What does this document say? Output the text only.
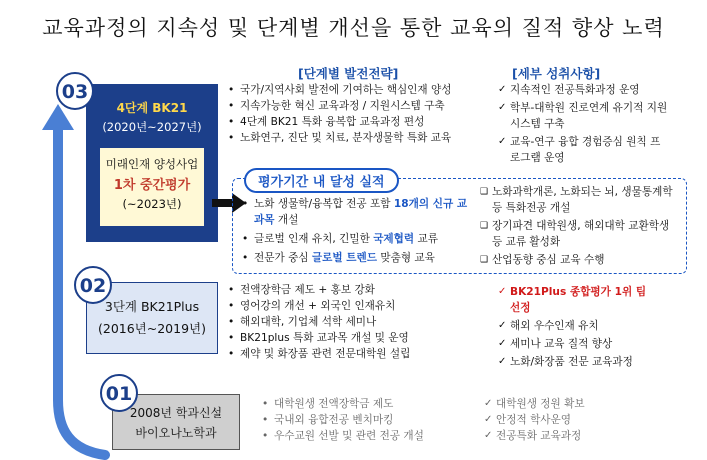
교육과정의 지속성 및 단계별 개선을 통한 교육의 질적 향상 노력
[단계별 발전전략]	[세부 성취사항]
4단계 BK21
(2020년~2027년)
미래인재 양성사업
1차 중간평가
(~2023년)
03	• 국가/지역사회 발전에 기여하는 핵심인재 양성
• 지속가능한 혁신 교육과정 / 지원시스템 구축
• 4단계 BK21 특화 융복합 교육과정 편성
• 노화연구, 진단 및 치료, 분자생물학 특화 교육
✓ 지속적인 전공특화과정 운영
✓ 학부-대학원 진로연계 유기적 지원시스템 구축
✓ 교육-연구 융합 경험증심 원칙 프로그램 운영
평가기간 내 달성 실적
• 노화 생물학/융복합 전공 포함 18개의 신규 교과목 개설
• 글로벌 인재 유치, 긴밀한 국제협력 교류
• 전문가 중심 글로벌 트렌드 맞춤형 교육
❑ 노화과학개론, 노화되는 뇌, 생물통계학 등 특화전공 개설
❑ 장기파견 대학원생, 해외대학 교환학생 등 교류 활성화
❑ 산업동향 중심 교육 수행
3단계 BK21Plus
(2016년~2019년)
02	• 전액장학금 제도 + 홍보 강화
• 영어강의 개선 + 외국인 인재유치
• 해외대학, 기업체 석학 세미나
• BK21plus 특화 교과목 개설 및 운영
• 제약 및 화장품 관련 전문대학원 설립
✓ BK21Plus 종합평가 1위 팀 선정
✓ 해외 우수인재 유치
✓ 세미나 교육 질적 향상
✓ 노화/화장품 전문 교육과정
2008년 학과신설
바이오나노학과
01	• 대학원생 전액장학금 제도
• 국내외 융합전공 벤치마킹
• 우수교원 선발 및 관련 전공 개설
✓ 대학원생 정원 확보
✓ 안정적 학사운영
✓ 전공특화 교육과정
